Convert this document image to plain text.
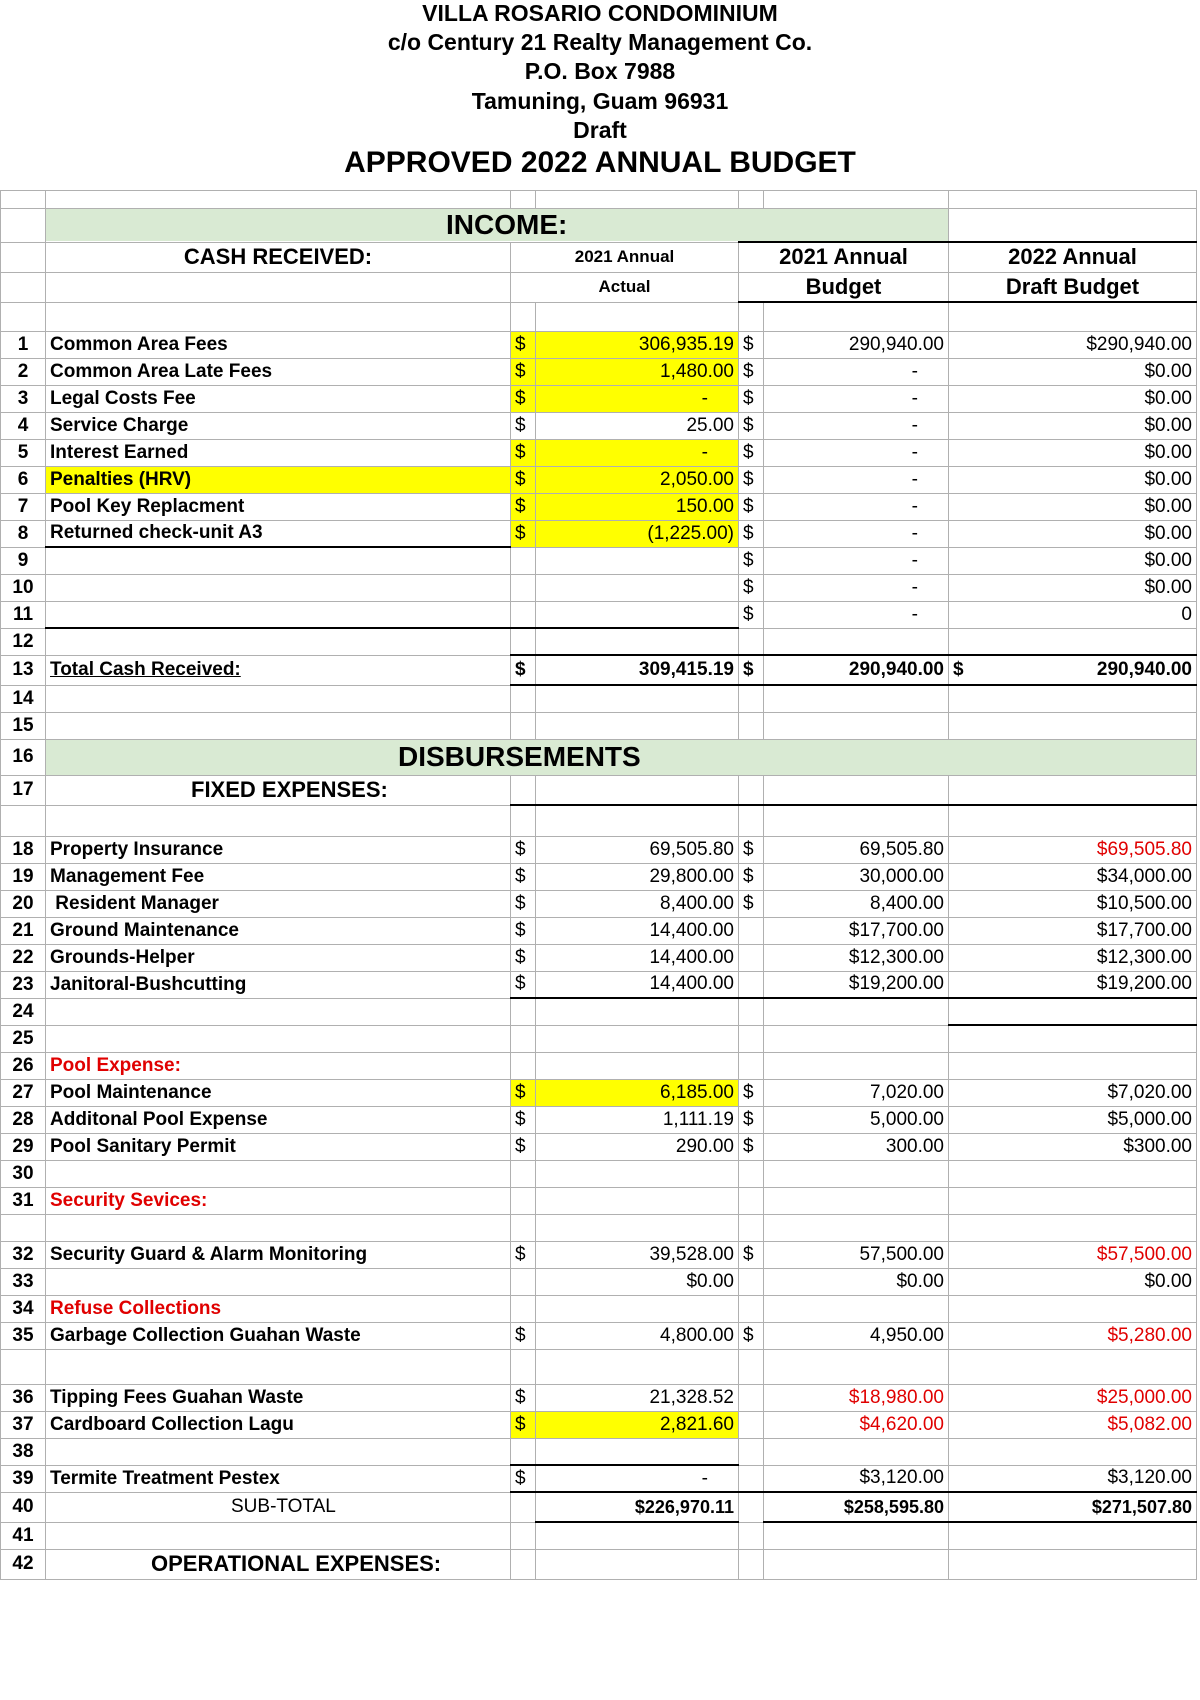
VILLA ROSARIO CONDOMINIUM
c/o Century 21 Realty Management Co.
P.O. Box 7988
Tamuning, Guam 96931
Draft
APPROVED 2022 ANNUAL BUDGET

	INCOME:					
	CASH RECEIVED:	2021 Annual		2021 Annual		2022 Annual
		Actual		Budget		Draft Budget

1	Common Area Fees	$	306,935.19	$	290,940.00	$290,940.00
2	Common Area Late Fees	$	1,480.00	$	-	$0.00
3	Legal Costs Fee	$	-	$	-	$0.00
4	Service Charge	$	25.00	$	-	$0.00
5	Interest Earned	$	-	$	-	$0.00
6	Penalties (HRV)	$	2,050.00	$	-	$0.00
7	Pool Key Replacment	$	150.00	$	-	$0.00
8	Returned check-unit A3	$	(1,225.00)	$	-	$0.00
9				$	-	$0.00
10				$	-	$0.00
11				$	-	0
12						
13	Total Cash Received:	$	309,415.19	$	290,940.00	$ 290,940.00
14						
15						
16	DISBURSEMENTS					
17	FIXED EXPENSES:					

18	Property Insurance	$	69,505.80	$	69,505.80	$69,505.80
19	Management Fee	$	29,800.00	$	30,000.00	$34,000.00
20	Resident Manager	$	8,400.00	$	8,400.00	$10,500.00
21	Ground Maintenance	$	14,400.00		$17,700.00	$17,700.00
22	Grounds-Helper	$	14,400.00		$12,300.00	$12,300.00
23	Janitoral-Bushcutting	$	14,400.00		$19,200.00	$19,200.00
24						
25						
26	Pool Expense:					
27	Pool Maintenance	$	6,185.00	$	7,020.00	$7,020.00
28	Additonal Pool Expense	$	1,111.19	$	5,000.00	$5,000.00
29	Pool Sanitary Permit	$	290.00	$	300.00	$300.00
30						
31	Security Sevices:					

32	Security Guard & Alarm Monitoring	$	39,528.00	$	57,500.00	$57,500.00
33			$0.00		$0.00	$0.00
34	Refuse Collections					
35	Garbage Collection Guahan Waste	$	4,800.00	$	4,950.00	$5,280.00

36	Tipping Fees Guahan Waste	$	21,328.52		$18,980.00	$25,000.00
37	Cardboard Collection Lagu	$	2,821.60		$4,620.00	$5,082.00
38						
39	Termite Treatment Pestex	$	-		$3,120.00	$3,120.00
40	SUB-TOTAL		$226,970.11		$258,595.80	$271,507.80
41						
42	OPERATIONAL EXPENSES:					
